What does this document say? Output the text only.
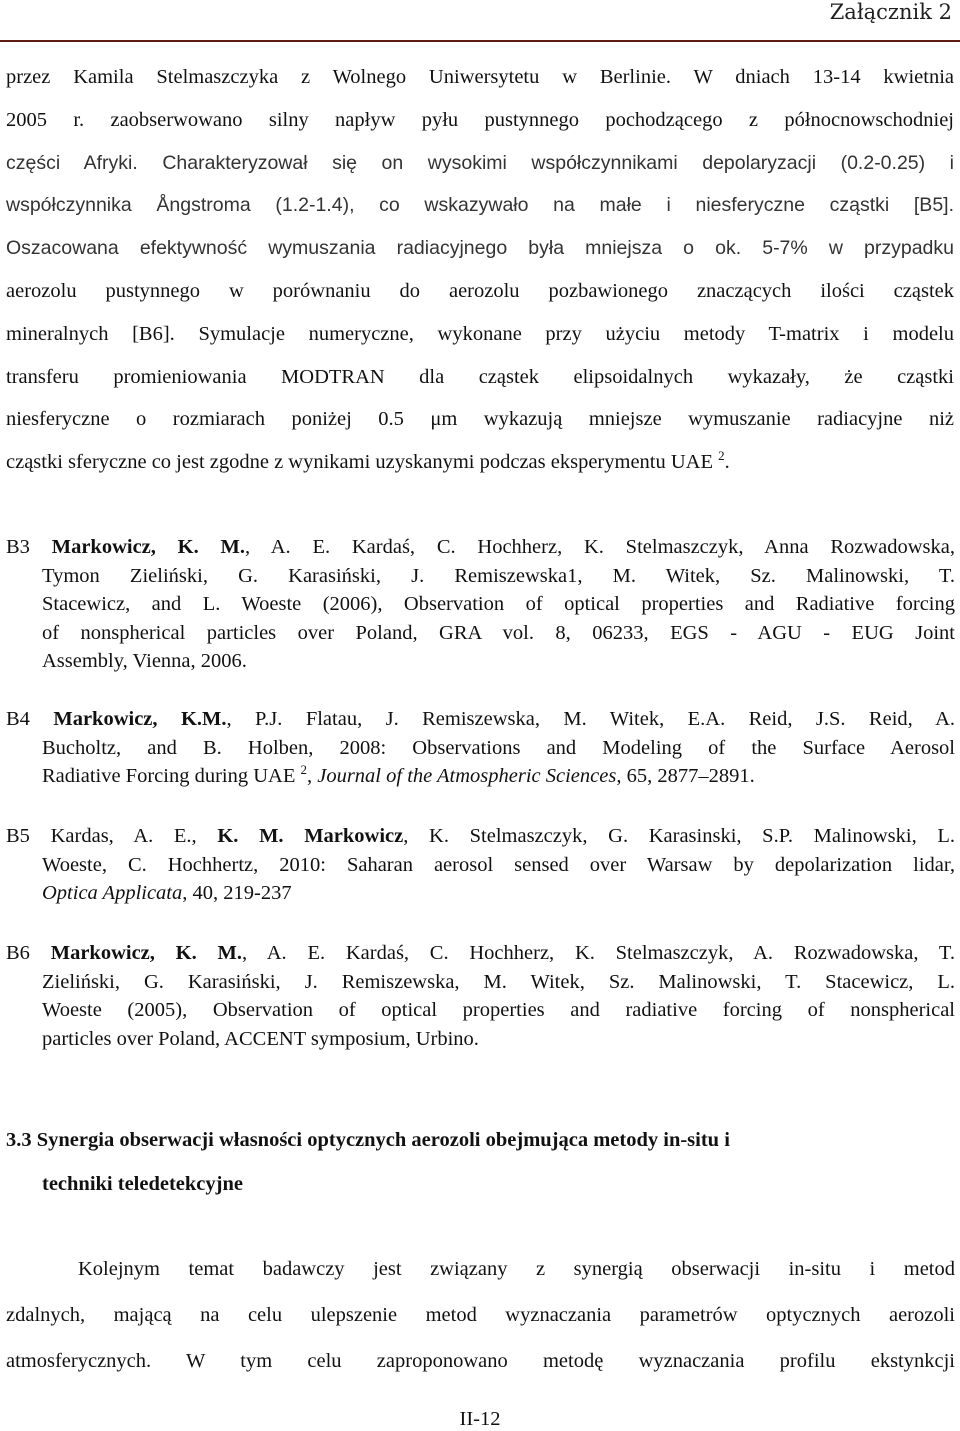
Załącznik 2
przez Kamila Stelmaszczyka z Wolnego Uniwersytetu w Berlinie. W dniach 13-14 kwietnia
2005 r. zaobserwowano silny napływ pyłu pustynnego pochodzącego z północnowschodniej
części Afryki. Charakteryzował się on wysokimi współczynnikami depolaryzacji (0.2-0.25) i
współczynnika Ångstroma (1.2-1.4), co wskazywało na małe i niesferyczne cząstki [B5].
Oszacowana efektywność wymuszania radiacyjnego była mniejsza o ok. 5-7% w przypadku
aerozolu pustynnego w porównaniu do aerozolu pozbawionego znaczących ilości cząstek
mineralnych [B6]. Symulacje numeryczne, wykonane przy użyciu metody T-matrix i modelu
transferu promieniowania MODTRAN dla cząstek elipsoidalnych wykazały, że cząstki
niesferyczne o rozmiarach poniżej 0.5 μm wykazują mniejsze wymuszanie radiacyjne niż
cząstki sferyczne co jest zgodne z wynikami uzyskanymi podczas eksperymentu UAE $^2$.
B3 Markowicz, K. M., A. E. Kardaś, C. Hochherz, K. Stelmaszczyk, Anna Rozwadowska,
Tymon Zieliński, G. Karasiński, J. Remiszewska1, M. Witek, Sz. Malinowski, T.
Stacewicz, and L. Woeste (2006), Observation of optical properties and Radiative forcing
of nonspherical particles over Poland, GRA vol. 8, 06233, EGS - AGU - EUG Joint
Assembly, Vienna, 2006.
B4 Markowicz, K.M., P.J. Flatau, J. Remiszewska, M. Witek, E.A. Reid, J.S. Reid, A.
Bucholtz, and B. Holben, 2008: Observations and Modeling of the Surface Aerosol
Radiative Forcing during UAE $^2$, Journal of the Atmospheric Sciences, 65, 2877–2891.
B5 Kardas, A. E., K. M. Markowicz, K. Stelmaszczyk, G. Karasinski, S.P. Malinowski, L.
Woeste, C. Hochhertz, 2010: Saharan aerosol sensed over Warsaw by depolarization lidar,
Optica Applicata, 40, 219-237
B6 Markowicz, K. M., A. E. Kardaś, C. Hochherz, K. Stelmaszczyk, A. Rozwadowska, T.
Zieliński, G. Karasiński, J. Remiszewska, M. Witek, Sz. Malinowski, T. Stacewicz, L.
Woeste (2005), Observation of optical properties and radiative forcing of nonspherical
particles over Poland, ACCENT symposium, Urbino.
3.3 Synergia obserwacji własności optycznych aerozoli obejmująca metody in-situ i
techniki teledetekcyjne
Kolejnym temat badawczy jest związany z synergią obserwacji in-situ i metod
zdalnych, mającą na celu ulepszenie metod wyznaczania parametrów optycznych aerozoli
atmosferycznych. W tym celu zaproponowano metodę wyznaczania profilu ekstynkcji
II-12
